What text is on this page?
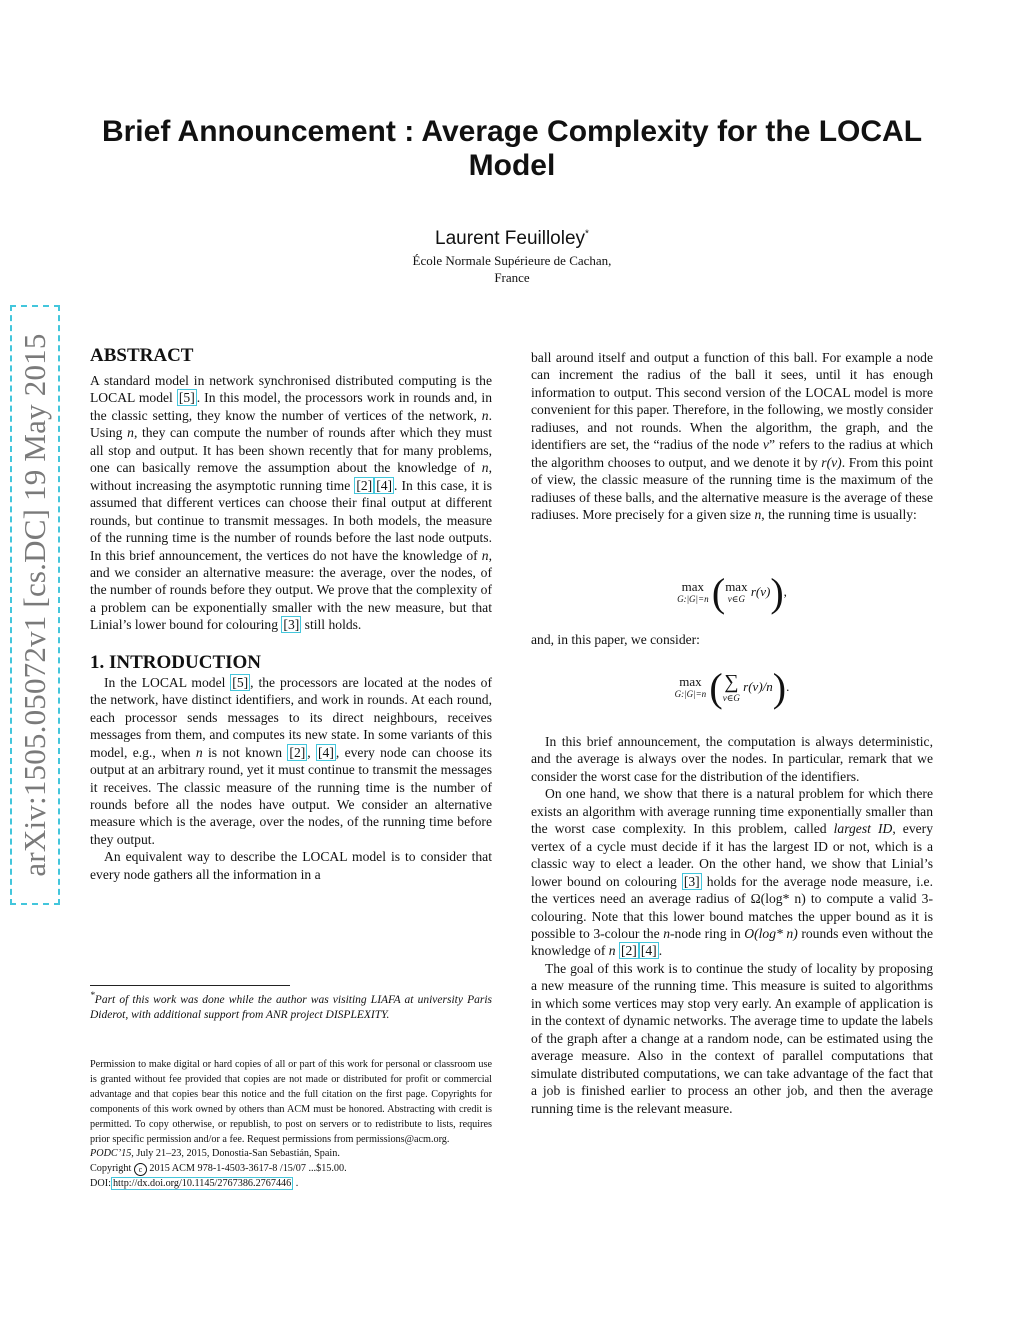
Brief Announcement : Average Complexity for the LOCAL Model
Laurent Feuilloley*
École Normale Supérieure de Cachan,
France
arXiv:1505.05072v1 [cs.DC] 19 May 2015 ABSTRACT

A standard model in network synchronised distributed computing is the LOCAL model [5] . In this model, the processors work in rounds and, in the classic setting, they know the number of vertices of the network, n. Using n, they can compute the number of rounds after which they must all stop and output. It has been shown recently that for many problems, one can basically remove the assumption about the knowledge of n, without increasing the asymptotic running time [2] [4] . In this case, it is assumed that different vertices can choose their final output at different rounds, but continue to transmit messages. In both models, the measure of the running time is the number of rounds before the last node outputs. In this brief announcement, the vertices do not have the knowledge of n, and we consider an alternative measure: the average, over the nodes, of the number of rounds before they output. We prove that the complexity of a problem can be exponentially smaller with the new measure, but that Linial’s lower bound for colouring [3] still holds.

1. INTRODUCTION

In the LOCAL model [5] , the processors are located at the nodes of the network, have distinct identifiers, and work in rounds. At each round, each processor sends messages to its direct neighbours, receives messages from them, and computes its new state. In some variants of this model, e.g., when n is not known [2] , [4] , every node can choose its output at an arbitrary round, yet it must continue to transmit the messages it receives. The classic measure of the running time is the number of rounds before all the nodes have output. We consider an alternative measure which is the average, over the nodes, of the running time before they output.

An equivalent way to describe the LOCAL model is to consider that every node gathers all the information in a

*Part of this work was done while the author was visiting LIAFA at university Paris Diderot, with additional support from ANR project DISPLEXITY.
Permission to make digital or hard copies of all or part of this work for personal or classroom use is granted without fee provided that copies are not made or distributed for profit or commercial advantage and that copies bear this notice and the full citation on the first page. Copyrights for components of this work owned by others than ACM must be honored. Abstracting with credit is permitted. To copy otherwise, or republish, to post on servers or to redistribute to lists, requires prior specific permission and/or a fee. Request permissions from permissions@acm.org.
PODC’15, July 21–23, 2015, Donostia-San Sebastián, Spain.
Copyright c 2015 ACM 978-1-4503-3617-8 /15/07 ...$15.00.
DOI: http://dx.doi.org/10.1145/2767386.2767446 .

ball around itself and output a function of this ball. For example a node can increment the radius of the ball it sees, until it has enough information to output. This second version of the LOCAL model is more convenient for this paper. Therefore, in the following, we mostly consider radiuses, and not rounds. When the algorithm, the graph, and the identifiers are set, the “radius of the node v” refers to the radius at which the algorithm chooses to output, and we denote it by r(v). From this point of view, the classic measure of the running time is the maximum of the radiuses of these balls, and the alternative measure is the average of these radiuses. More precisely for a given size n, the running time is usually:

max
G:|G|=n (max
v∈G
r(v)),
and, in this paper, we consider:
max
G:|G|=n (∑
v∈G
r(v)/n).

In this brief announcement, the computation is always deterministic, and the average is always over the nodes. In particular, remark that we consider the worst case for the distribution of the identifiers.

On one hand, we show that there is a natural problem for which there exists an algorithm with average running time exponentially smaller than the worst case complexity. In this problem, called largest ID, every vertex of a cycle must decide if it has the largest ID or not, which is a classic way to elect a leader. On the other hand, we show that Linial’s lower bound on colouring [3] holds for the average node measure, i.e. the vertices need an average radius of Ω(log* n) to compute a valid 3-colouring. Note that this lower bound matches the upper bound as it is possible to 3-colour the n-node ring in O(log* n) rounds even without the knowledge of n [2] [4] .

The goal of this work is to continue the study of locality by proposing a new measure of the running time. This measure is suited to algorithms in which some vertices may stop very early. An example of application is in the context of dynamic networks. The average time to update the labels of the graph after a change at a random node, can be estimated using the average measure. Also in the context of parallel computations that simulate distributed computations, we can take advantage of the fact that a job is finished earlier to process an other job, and then the average running time is the relevant measure.
